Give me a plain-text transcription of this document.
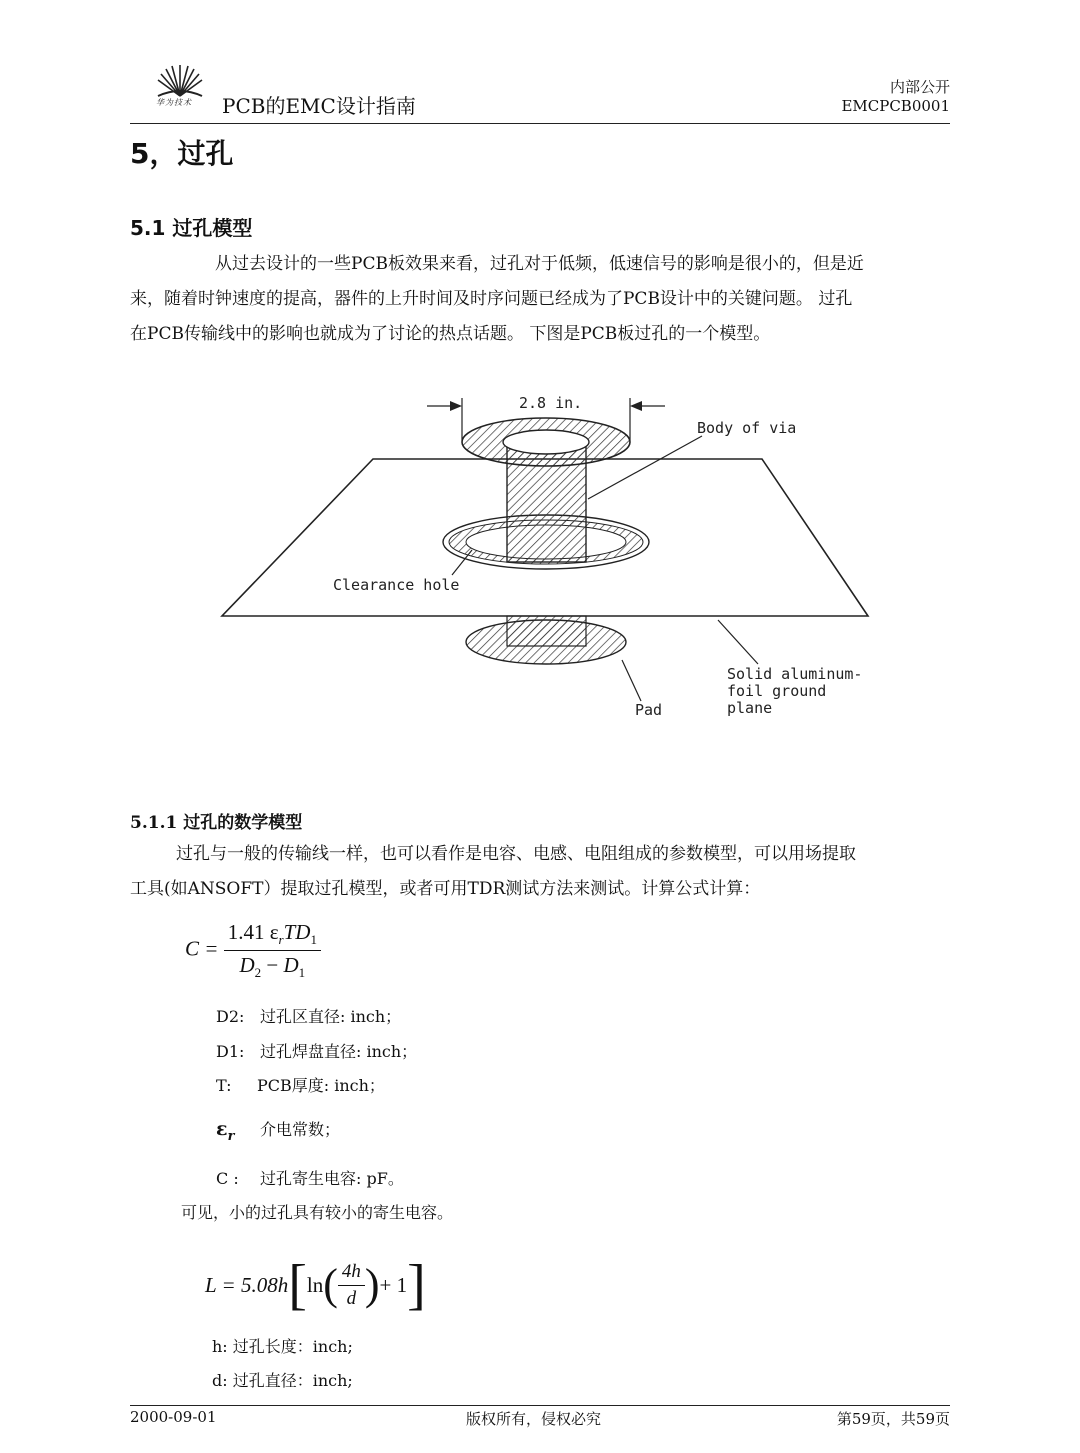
华为技术 PCB的EMC设计指南
内部公开
EMCPCB0001
5，过孔
5.1 过孔模型
从过去设计的一些PCB板效果来看，过孔对于低频，低速信号的影响是很小的，但是近
来，随着时钟速度的提高，器件的上升时间及时序问题已经成为了PCB设计中的关键问题。 过孔
在PCB传输线中的影响也就成为了讨论的热点话题。 下图是PCB板过孔的一个模型。
2.8 in.
Body of via
Clearance hole
Solid aluminum-
foil ground
plane
Pad
5.1.1 过孔的数学模型
过孔与一般的传输线一样，也可以看作是电容、电感、电阻组成的参数模型，可以用场提取
工具(如ANSOFT）提取过孔模型，或者可用TDR测试方法来测试。计算公式计算：
$C = \frac{1.41 \varepsilon_rTD_1}{D_2 - D_1}$
D2: 过孔区直径: inch；
D1: 过孔焊盘直径: inch；
T: PCB厚度: inch；
$\varepsilon_r$ 介电常数；
C : 过孔寄生电容: pF。
可见，小的过孔具有较小的寄生电容。
$L = 5.08h[\ln( \frac{4h}{d}$ )+ 1]
h: 过孔长度：inch;
d: 过孔直径：inch;
2000-09-01	版权所有，侵权必究	第59页，共59页
